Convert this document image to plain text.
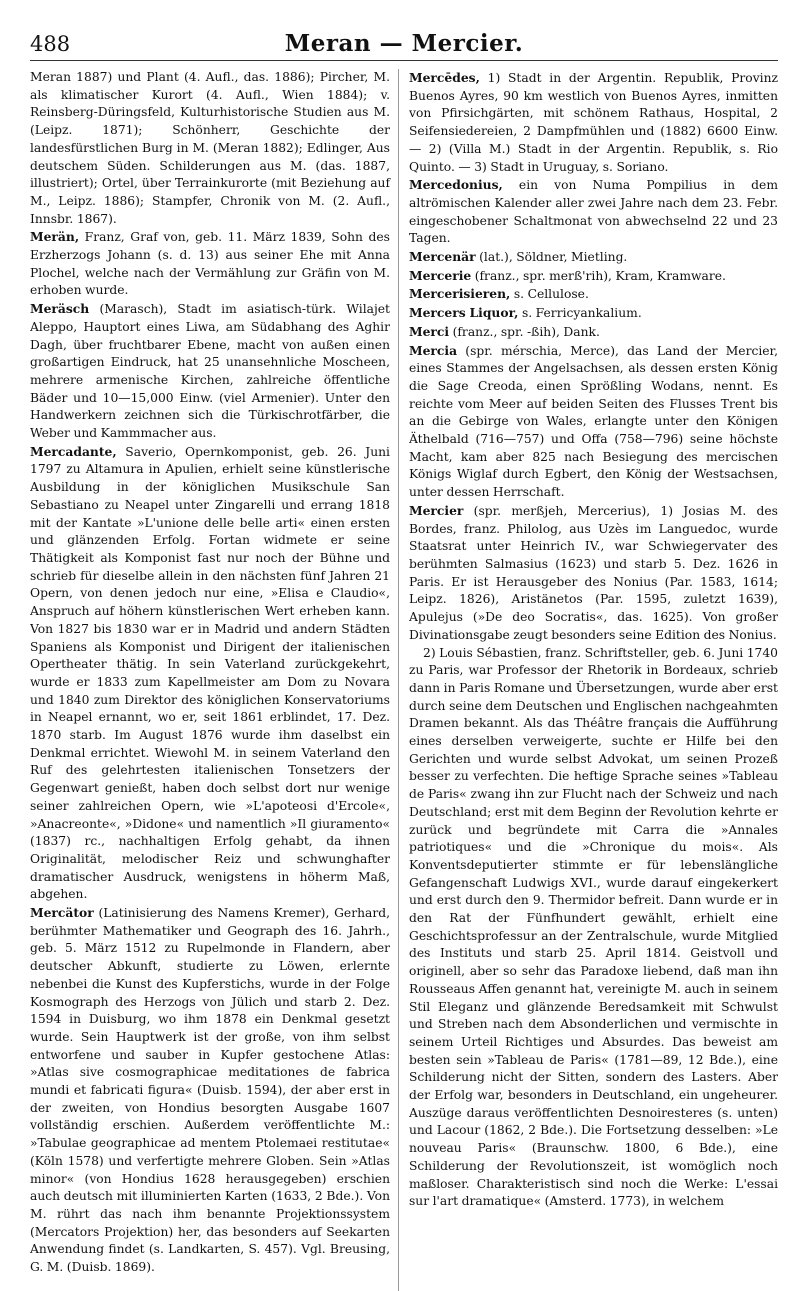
488	Meran — Mercier.

Meran 1887) und Plant (4. Aufl., das. 1886); Pircher, M. als klimatischer Kurort (4. Aufl., Wien 1884); v. Reinsberg-Düringsfeld, Kulturhistorische Studien aus M. (Leipz. 1871); Schönherr, Geschichte der landesfürstlichen Burg in M. (Meran 1882); Edlinger, Aus deutschem Süden. Schilderungen aus M. (das. 1887, illustriert); Ortel, über Terrainkurorte (mit Beziehung auf M., Leipz. 1886); Stampfer, Chronik von M. (2. Aufl., Innsbr. 1867).

Merän, Franz, Graf von, geb. 11. März 1839, Sohn des Erzherzogs Johann (s. d. 13) aus seiner Ehe mit Anna Plochel, welche nach der Vermählung zur Gräfin von M. erhoben wurde.

Meräsch (Marasch), Stadt im asiatisch-türk. Wilajet Aleppo, Hauptort eines Liwa, am Südabhang des Aghir Dagh, über fruchtbarer Ebene, macht von außen einen großartigen Eindruck, hat 25 unansehnliche Moscheen, mehrere armenische Kirchen, zahlreiche öffentliche Bäder und 10—15,000 Einw. (viel Armenier). Unter den Handwerkern zeichnen sich die Türkischrotfärber, die Weber und Kammmacher aus.

Mercadante, Saverio, Opernkomponist, geb. 26. Juni 1797 zu Altamura in Apulien, erhielt seine künstlerische Ausbildung in der königlichen Musikschule San Sebastiano zu Neapel unter Zingarelli und errang 1818 mit der Kantate »L'unione delle belle arti« einen ersten und glänzenden Erfolg. Fortan widmete er seine Thätigkeit als Komponist fast nur noch der Bühne und schrieb für dieselbe allein in den nächsten fünf Jahren 21 Opern, von denen jedoch nur eine, »Elisa e Claudio«, Anspruch auf höhern künstlerischen Wert erheben kann. Von 1827 bis 1830 war er in Madrid und andern Städten Spaniens als Komponist und Dirigent der italienischen Opertheater thätig. In sein Vaterland zurückgekehrt, wurde er 1833 zum Kapellmeister am Dom zu Novara und 1840 zum Direktor des königlichen Konservatoriums in Neapel ernannt, wo er, seit 1861 erblindet, 17. Dez. 1870 starb. Im August 1876 wurde ihm daselbst ein Denkmal errichtet. Wiewohl M. in seinem Vaterland den Ruf des gelehrtesten italienischen Tonsetzers der Gegenwart genießt, haben doch selbst dort nur wenige seiner zahlreichen Opern, wie »L'apoteosi d'Ercole«, »Anacreonte«, »Didone« und namentlich »Il giuramento« (1837) rc., nachhaltigen Erfolg gehabt, da ihnen Originalität, melodischer Reiz und schwunghafter dramatischer Ausdruck, wenigstens in höherm Maß, abgehen.

Mercätor (Latinisierung des Namens Kremer), Gerhard, berühmter Mathematiker und Geograph des 16. Jahrh., geb. 5. März 1512 zu Rupelmonde in Flandern, aber deutscher Abkunft, studierte zu Löwen, erlernte nebenbei die Kunst des Kupferstichs, wurde in der Folge Kosmograph des Herzogs von Jülich und starb 2. Dez. 1594 in Duisburg, wo ihm 1878 ein Denkmal gesetzt wurde. Sein Hauptwerk ist der große, von ihm selbst entworfene und sauber in Kupfer gestochene Atlas: »Atlas sive cosmographicae meditationes de fabrica mundi et fabricati figura« (Duisb. 1594), der aber erst in der zweiten, von Hondius besorgten Ausgabe 1607 vollständig erschien. Außerdem veröffentlichte M.: »Tabulae geographicae ad mentem Ptolemaei restitutae« (Köln 1578) und verfertigte mehrere Globen. Sein »Atlas minor« (von Hondius 1628 herausgegeben) erschien auch deutsch mit illuminierten Karten (1633, 2 Bde.). Von M. rührt das nach ihm benannte Projektionssystem (Mercators Projektion) her, das besonders auf Seekarten Anwendung findet (s. Landkarten, S. 457). Vgl. Breusing, G. M. (Duisb. 1869).

Mercēdes, 1) Stadt in der Argentin. Republik, Provinz Buenos Ayres, 90 km westlich von Buenos Ayres, inmitten von Pfirsichgärten, mit schönem Rathaus, Hospital, 2 Seifensiedereien, 2 Dampfmühlen und (1882) 6600 Einw. — 2) (Villa M.) Stadt in der Argentin. Republik, s. Rio Quinto. — 3) Stadt in Uruguay, s. Soriano.

Mercedonius, ein von Numa Pompilius in dem altrömischen Kalender aller zwei Jahre nach dem 23. Febr. eingeschobener Schaltmonat von abwechselnd 22 und 23 Tagen.

Mercenär (lat.), Söldner, Mietling.

Mercerie (franz., spr. merß'rih), Kram, Kramware.

Mercerisieren, s. Cellulose.

Mercers Liquor, s. Ferricyankalium.

Merci (franz., spr. -ßih), Dank.

Mercia (spr. mérschia, Merce), das Land der Mercier, eines Stammes der Angelsachsen, als dessen ersten König die Sage Creoda, einen Sprößling Wodans, nennt. Es reichte vom Meer auf beiden Seiten des Flusses Trent bis an die Gebirge von Wales, erlangte unter den Königen Äthelbald (716—757) und Offa (758—796) seine höchste Macht, kam aber 825 nach Besiegung des mercischen Königs Wiglaf durch Egbert, den König der Westsachsen, unter dessen Herrschaft.

Mercier (spr. merßjeh, Mercerius), 1) Josias M. des Bordes, franz. Philolog, aus Uzès im Languedoc, wurde Staatsrat unter Heinrich IV., war Schwiegervater des berühmten Salmasius (1623) und starb 5. Dez. 1626 in Paris. Er ist Herausgeber des Nonius (Par. 1583, 1614; Leipz. 1826), Aristänetos (Par. 1595, zuletzt 1639), Apulejus (»De deo Socratis«, das. 1625). Von großer Divinationsgabe zeugt besonders seine Edition des Nonius.

2) Louis Sébastien, franz. Schriftsteller, geb. 6. Juni 1740 zu Paris, war Professor der Rhetorik in Bordeaux, schrieb dann in Paris Romane und Übersetzungen, wurde aber erst durch seine dem Deutschen und Englischen nachgeahmten Dramen bekannt. Als das Théâtre français die Aufführung eines derselben verweigerte, suchte er Hilfe bei den Gerichten und wurde selbst Advokat, um seinen Prozeß besser zu verfechten. Die heftige Sprache seines »Tableau de Paris« zwang ihn zur Flucht nach der Schweiz und nach Deutschland; erst mit dem Beginn der Revolution kehrte er zurück und begründete mit Carra die »Annales patriotiques« und die »Chronique du mois«. Als Konventsdeputierter stimmte er für lebenslängliche Gefangenschaft Ludwigs XVI., wurde darauf eingekerkert und erst durch den 9. Thermidor befreit. Dann wurde er in den Rat der Fünfhundert gewählt, erhielt eine Geschichtsprofessur an der Zentralschule, wurde Mitglied des Instituts und starb 25. April 1814. Geistvoll und originell, aber so sehr das Paradoxe liebend, daß man ihn Rousseaus Affen genannt hat, vereinigte M. auch in seinem Stil Eleganz und glänzende Beredsamkeit mit Schwulst und Streben nach dem Absonderlichen und vermischte in seinem Urteil Richtiges und Absurdes. Das beweist am besten sein »Tableau de Paris« (1781—89, 12 Bde.), eine Schilderung nicht der Sitten, sondern des Lasters. Aber der Erfolg war, besonders in Deutschland, ein ungeheurer. Auszüge daraus veröffentlichten Desnoiresteres (s. unten) und Lacour (1862, 2 Bde.). Die Fortsetzung desselben: »Le nouveau Paris« (Braunschw. 1800, 6 Bde.), eine Schilderung der Revolutionszeit, ist womöglich noch maßloser. Charakteristisch sind noch die Werke: L'essai sur l'art dramatique« (Amsterd. 1773), in welchem
